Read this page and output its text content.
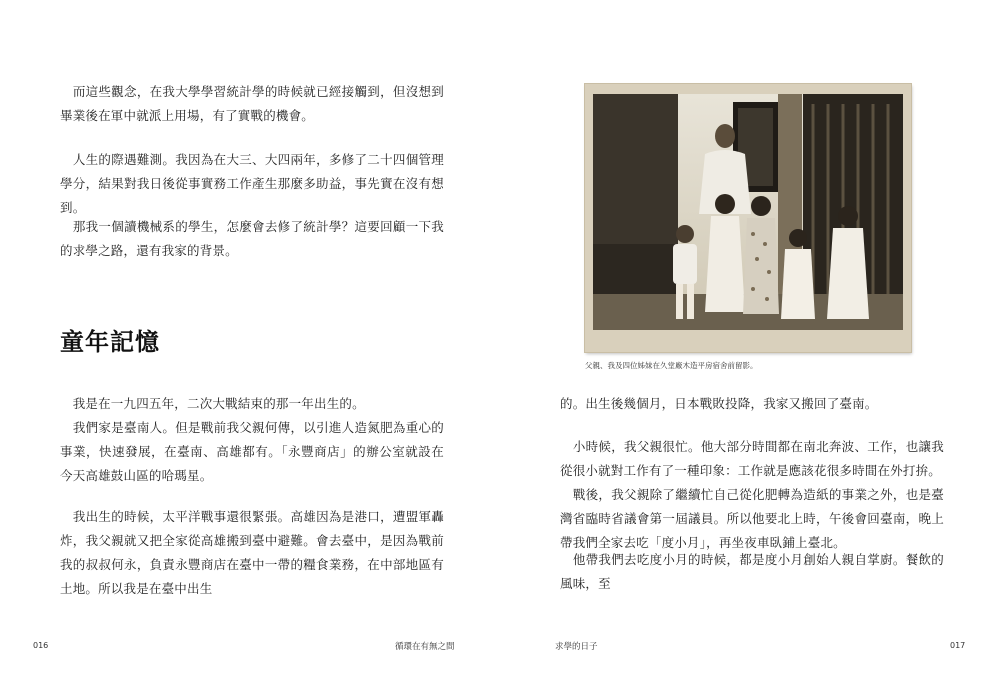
　而這些觀念，在我大學學習統計學的時候就已經接觸到，但沒想到畢業後在軍中就派上用場，有了實戰的機會。

　人生的際遇難測。我因為在大三、大四兩年，多修了二十四個管理學分，結果對我日後從事實務工作產生那麼多助益，事先實在沒有想到。

　那我一個讀機械系的學生，怎麼會去修了統計學？這要回顧一下我的求學之路，還有我家的背景。

童年記憶

　我是在一九四五年，二次大戰結束的那一年出生的。

　我們家是臺南人。但是戰前我父親何傳，以引進人造氮肥為重心的事業，快速發展，在臺南、高雄都有。「永豐商店」的辦公室就設在今天高雄鼓山區的哈瑪星。

　我出生的時候，太平洋戰事還很緊張。高雄因為是港口，遭盟軍轟炸，我父親就又把全家從高雄搬到臺中避難。會去臺中，是因為戰前我的叔叔何永，負責永豐商店在臺中一帶的糧食業務，在中部地區有土地。所以我是在臺中出生

016	循環在有無之間

父親、我及四位姊妹在久堂廠木造平房宿舍前留影。

的。出生後幾個月，日本戰敗投降，我家又搬回了臺南。

　小時候，我父親很忙。他大部分時間都在南北奔波、工作，也讓我從很小就對工作有了一種印象：工作就是應該花很多時間在外打拚。

　戰後，我父親除了繼續忙自己從化肥轉為造紙的事業之外，也是臺灣省臨時省議會第一屆議員。所以他要北上時，午後會回臺南，晚上帶我們全家去吃「度小月」，再坐夜車臥鋪上臺北。

　他帶我們去吃度小月的時候，都是度小月創始人親自掌廚。餐飲的風味，至

求學的日子	017
